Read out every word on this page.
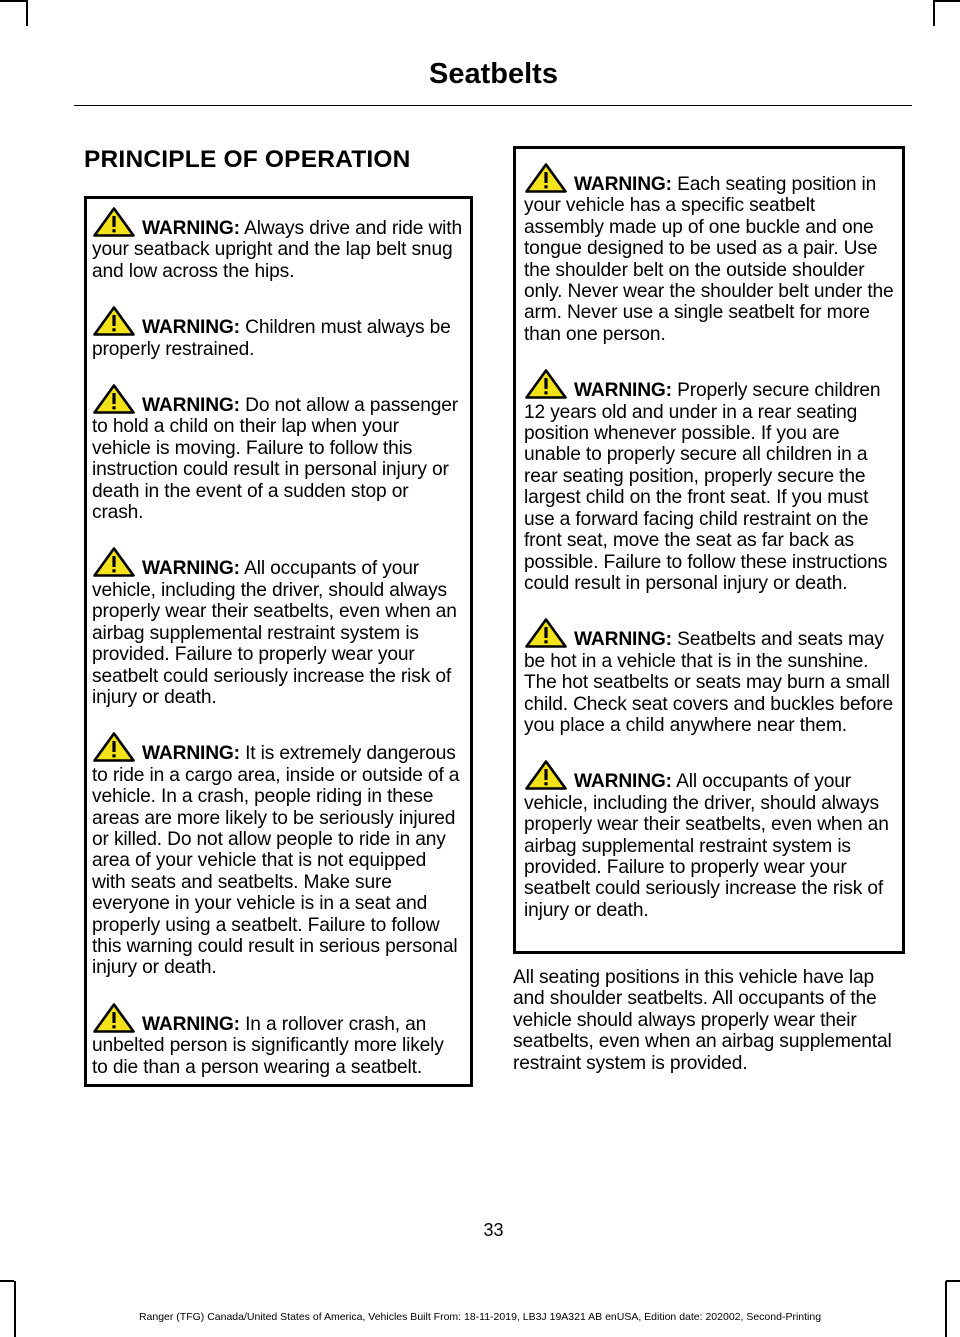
Seatbelts
PRINCIPLE OF OPERATION
WARNING: Always drive and ride with your seatback upright and the lap belt snug and low across the hips.
WARNING: Children must always be properly restrained.
WARNING: Do not allow a passenger to hold a child on their lap when your vehicle is moving. Failure to follow this instruction could result in personal injury or death in the event of a sudden stop or crash.
WARNING: All occupants of your vehicle, including the driver, should always properly wear their seatbelts, even when an airbag supplemental restraint system is provided. Failure to properly wear your seatbelt could seriously increase the risk of injury or death.
WARNING: It is extremely dangerous to ride in a cargo area, inside or outside of a vehicle. In a crash, people riding in these areas are more likely to be seriously injured or killed. Do not allow people to ride in any area of your vehicle that is not equipped with seats and seatbelts. Make sure everyone in your vehicle is in a seat and properly using a seatbelt. Failure to follow this warning could result in serious personal injury or death.
WARNING: In a rollover crash, an unbelted person is significantly more likely to die than a person wearing a seatbelt.
WARNING: Each seating position in your vehicle has a specific seatbelt assembly made up of one buckle and one tongue designed to be used as a pair. Use the shoulder belt on the outside shoulder only. Never wear the shoulder belt under the arm. Never use a single seatbelt for more than one person.
WARNING: Properly secure children 12 years old and under in a rear seating position whenever possible. If you are unable to properly secure all children in a rear seating position, properly secure the largest child on the front seat. If you must use a forward facing child restraint on the front seat, move the seat as far back as possible. Failure to follow these instructions could result in personal injury or death.
WARNING: Seatbelts and seats may be hot in a vehicle that is in the sunshine. The hot seatbelts or seats may burn a small child. Check seat covers and buckles before you place a child anywhere near them.
WARNING: All occupants of your vehicle, including the driver, should always properly wear their seatbelts, even when an airbag supplemental restraint system is provided. Failure to properly wear your seatbelt could seriously increase the risk of injury or death.
All seating positions in this vehicle have lap and shoulder seatbelts. All occupants of the vehicle should always properly wear their seatbelts, even when an airbag supplemental restraint system is provided.
33
Ranger (TFG) Canada/United States of America, Vehicles Built From: 18-11-2019, LB3J 19A321 AB enUSA, Edition date: 202002, Second-Printing
